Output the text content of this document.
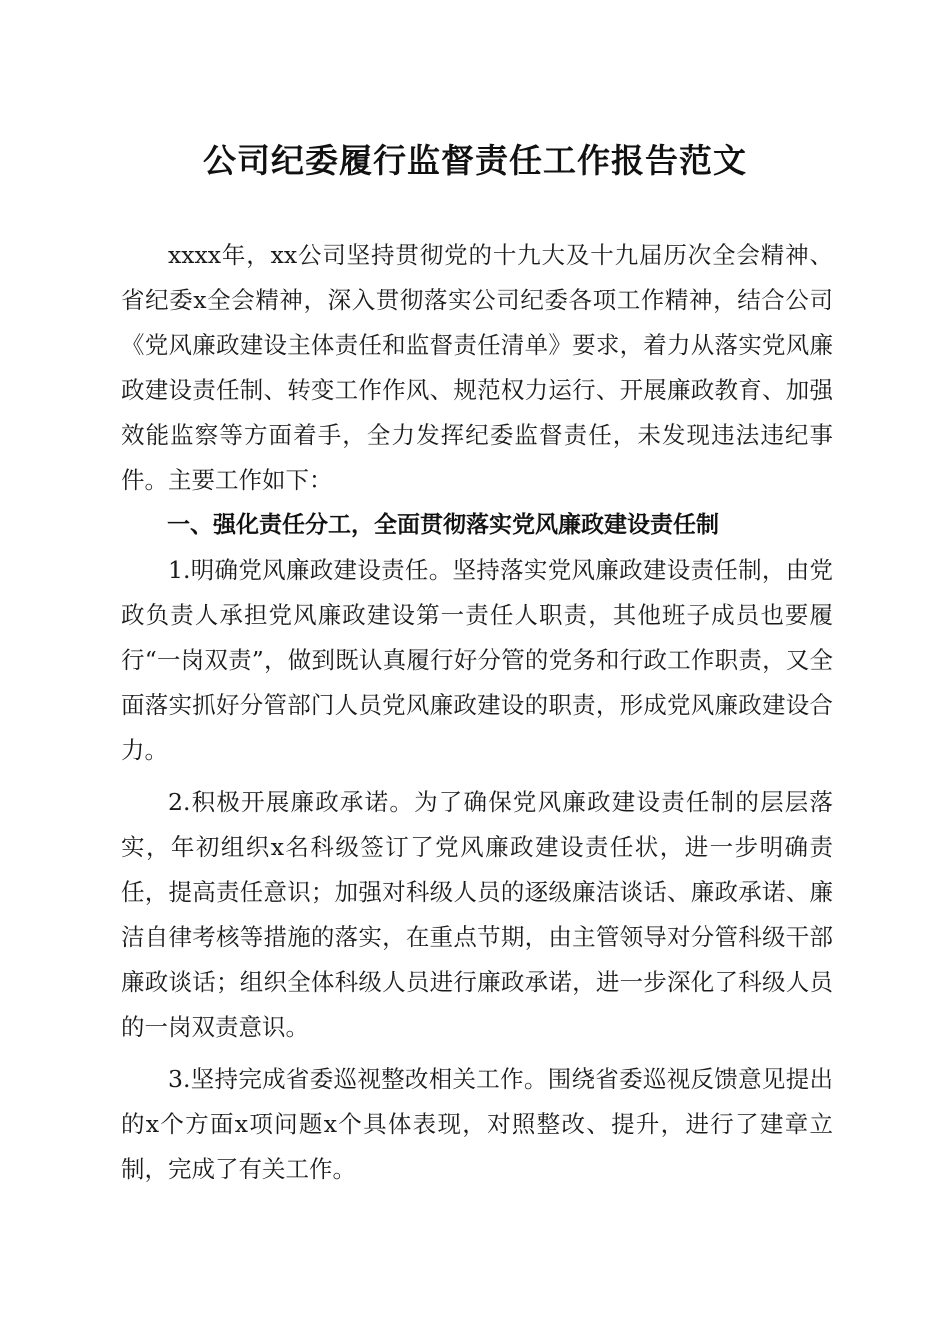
公司纪委履行监督责任工作报告范文

xxxx年，xx公司坚持贯彻党的十九大及十九届历次全会精神、省纪委x全会精神，深入贯彻落实公司纪委各项工作精神，结合公司《党风廉政建设主体责任和监督责任清单》要求，着力从落实党风廉政建设责任制、转变工作作风、规范权力运行、开展廉政教育、加强效能监察等方面着手，全力发挥纪委监督责任，未发现违法违纪事件。主要工作如下：

一、强化责任分工，全面贯彻落实党风廉政建设责任制

1.明确党风廉政建设责任。坚持落实党风廉政建设责任制，由党政负责人承担党风廉政建设第一责任人职责，其他班子成员也要履行“一岗双责”，做到既认真履行好分管的党务和行政工作职责，又全面落实抓好分管部门人员党风廉政建设的职责，形成党风廉政建设合力。

2.积极开展廉政承诺。为了确保党风廉政建设责任制的层层落实，年初组织x名科级签订了党风廉政建设责任状，进一步明确责任，提高责任意识；加强对科级人员的逐级廉洁谈话、廉政承诺、廉洁自律考核等措施的落实，在重点节期，由主管领导对分管科级干部廉政谈话；组织全体科级人员进行廉政承诺，进一步深化了科级人员的一岗双责意识。

3.坚持完成省委巡视整改相关工作。围绕省委巡视反馈意见提出的x个方面x项问题x个具体表现，对照整改、提升，进行了建章立制，完成了有关工作。
